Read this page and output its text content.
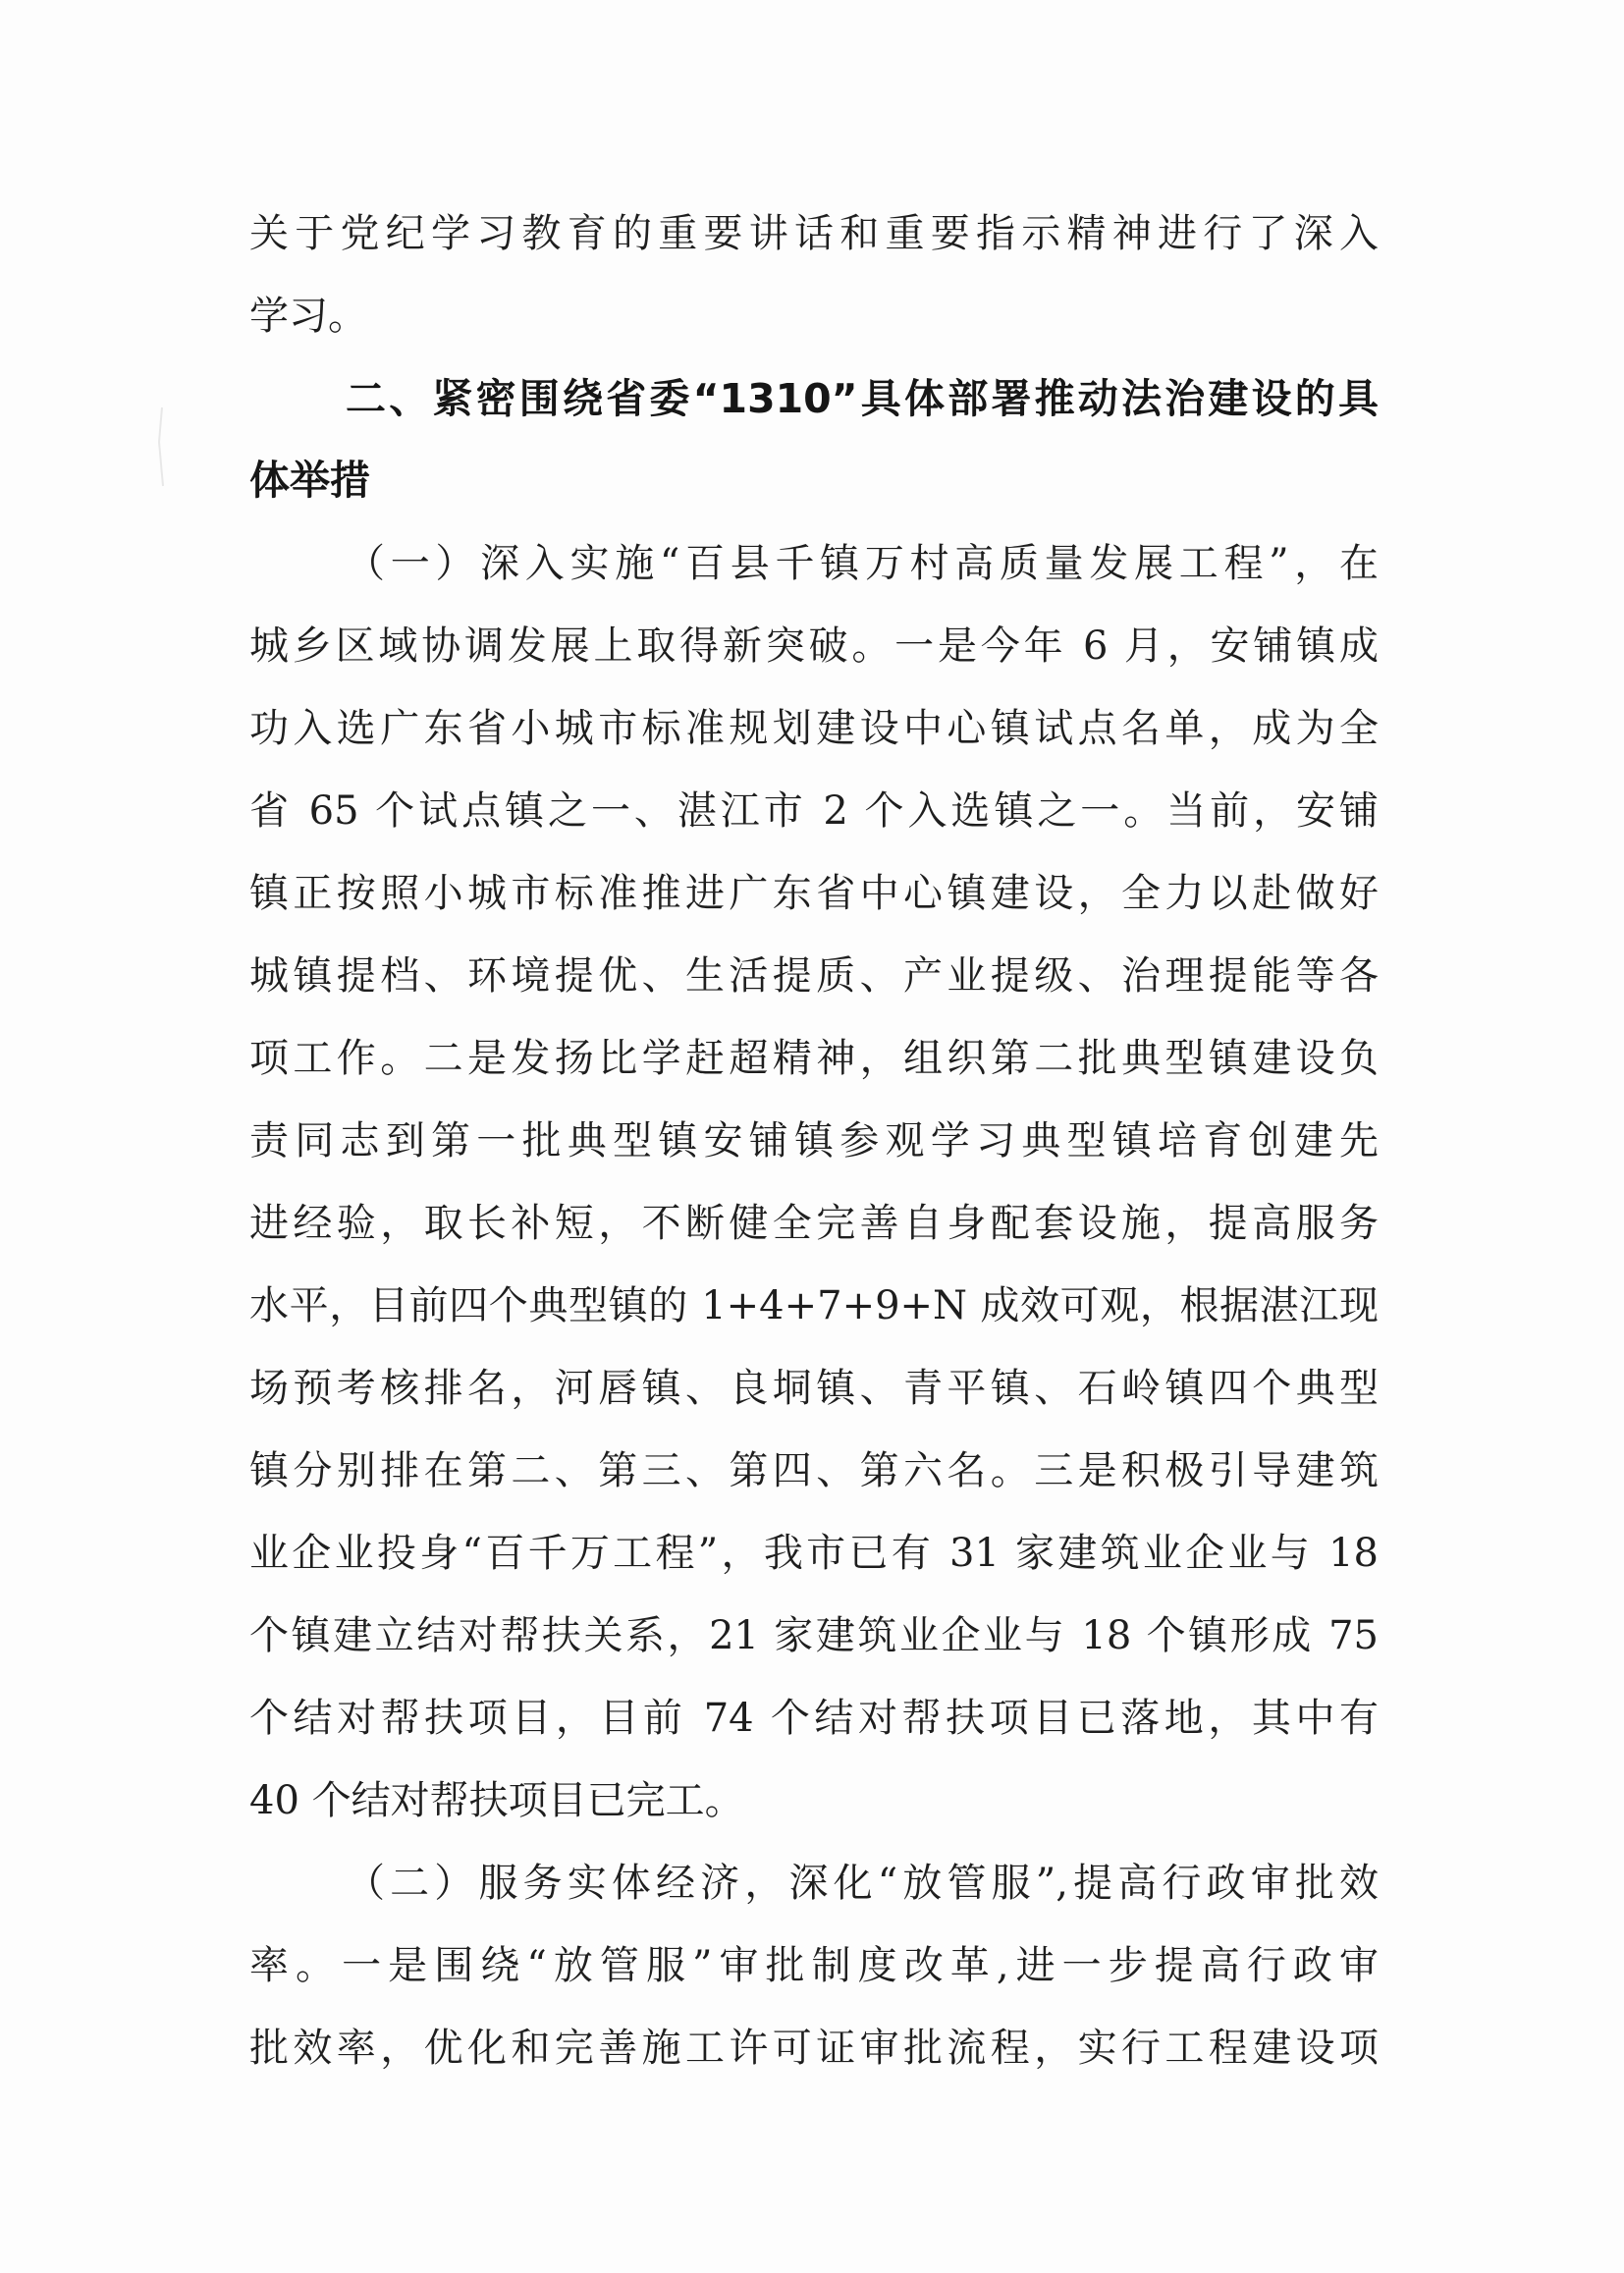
关于党纪学习教育的重要讲话和重要指示精神进行了深入
学习。
二、紧密围绕省委“1310”具体部署推动法治建设的具
体举措
（一）深入实施“百县千镇万村高质量发展工程”，在
城乡区域协调发展上取得新突破。一是今年 6 月，安铺镇成
功入选广东省小城市标准规划建设中心镇试点名单，成为全
省 65 个试点镇之一、湛江市 2 个入选镇之一。当前，安铺
镇正按照小城市标准推进广东省中心镇建设，全力以赴做好
城镇提档、环境提优、生活提质、产业提级、治理提能等各
项工作。二是发扬比学赶超精神，组织第二批典型镇建设负
责同志到第一批典型镇安铺镇参观学习典型镇培育创建先
进经验，取长补短，不断健全完善自身配套设施，提高服务
水平，目前四个典型镇的 1+4+7+9+N 成效可观，根据湛江现
场预考核排名，河唇镇、良垌镇、青平镇、石岭镇四个典型
镇分别排在第二、第三、第四、第六名。三是积极引导建筑
业企业投身“百千万工程”，我市已有 31 家建筑业企业与 18
个镇建立结对帮扶关系，21 家建筑业企业与 18 个镇形成 75
个结对帮扶项目，目前 74 个结对帮扶项目已落地，其中有
40 个结对帮扶项目已完工。
（二）服务实体经济，深化“放管服”,提高行政审批效
率。一是围绕“放管服”审批制度改革,进一步提高行政审
批效率，优化和完善施工许可证审批流程，实行工程建设项
